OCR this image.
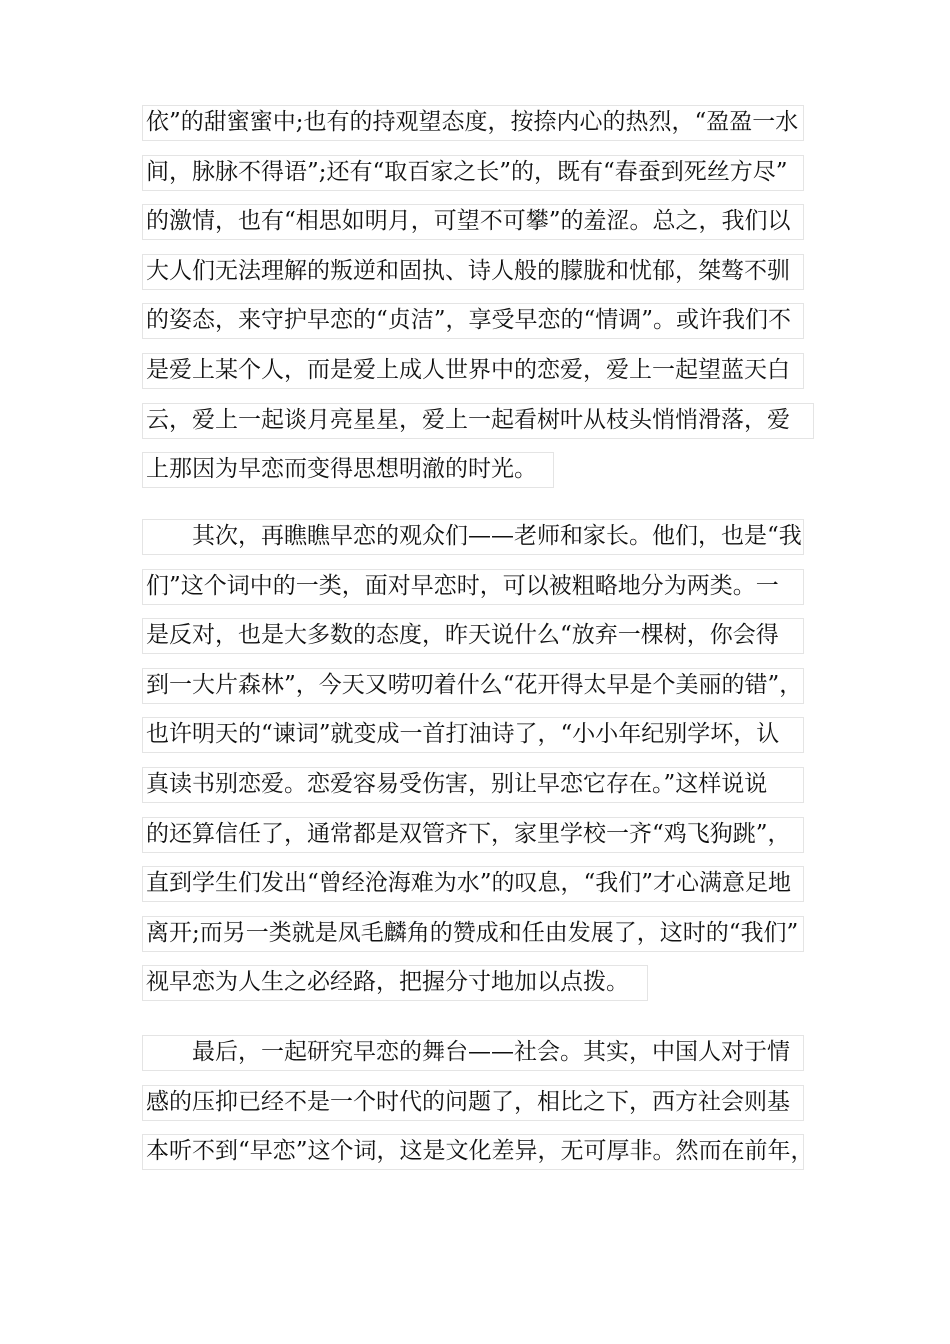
依”的甜蜜蜜中;也有的持观望态度，按捺内心的热烈，“盈盈一水
间，脉脉不得语”;还有“取百家之长”的，既有“春蚕到死丝方尽”
的激情，也有“相思如明月，可望不可攀”的羞涩。总之，我们以
大人们无法理解的叛逆和固执、诗人般的朦胧和忧郁，桀骜不驯
的姿态，来守护早恋的“贞洁”，享受早恋的“情调”。或许我们不
是爱上某个人，而是爱上成人世界中的恋爱，爱上一起望蓝天白
云，爱上一起谈月亮星星，爱上一起看树叶从枝头悄悄滑落，爱
上那因为早恋而变得思想明澈的时光。
其次，再瞧瞧早恋的观众们——老师和家长。他们，也是“我
们”这个词中的一类，面对早恋时，可以被粗略地分为两类。一
是反对，也是大多数的态度，昨天说什么“放弃一棵树，你会得
到一大片森林”，今天又唠叨着什么“花开得太早是个美丽的错”，
也许明天的“谏词”就变成一首打油诗了，“小小年纪别学坏，认
真读书别恋爱。恋爱容易受伤害，别让早恋它存在。”这样说说
的还算信任了，通常都是双管齐下，家里学校一齐“鸡飞狗跳”，
直到学生们发出“曾经沧海难为水”的叹息，“我们”才心满意足地
离开;而另一类就是凤毛麟角的赞成和任由发展了，这时的“我们”
视早恋为人生之必经路，把握分寸地加以点拨。
最后，一起研究早恋的舞台——社会。其实，中国人对于情
感的压抑已经不是一个时代的问题了，相比之下，西方社会则基
本听不到“早恋”这个词，这是文化差异，无可厚非。然而在前年，
